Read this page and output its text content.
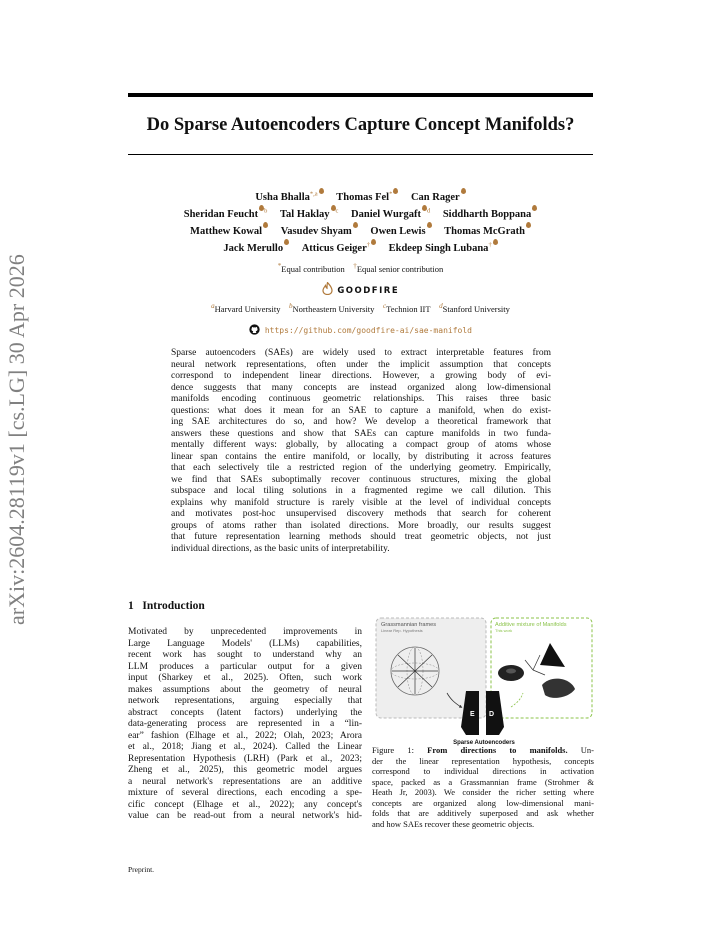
arXiv:2604.28119v1 [cs.LG] 30 Apr 2026
Do Sparse Autoencoders Capture Concept Manifolds?
Usha Bhalla$^{*,a}$ Thomas Fel* Can Rager
Sheridan Feucht $^b$ Tal Haklay $^c$ Daniel Wurgaft $^d$ Siddharth Boppana
Matthew Kowal Vasudev Shyam Owen Lewis Thomas McGrath
Jack Merullo Atticus Geiger† Ekdeep Singh Lubana†
*Equal contribution †Equal senior contribution
GOODFIRE
$^a$Harvard University $^b$Northeastern University $^c$Technion IIT $^d$Stanford University
https://github.com/goodfire-ai/sae-manifold
Sparse autoencoders (SAEs) are widely used to extract interpretable features from
neural network representations, often under the implicit assumption that concepts
correspond to independent linear directions. However, a growing body of evi-
dence suggests that many concepts are instead organized along low-dimensional
manifolds encoding continuous geometric relationships. This raises three basic
questions: what does it mean for an SAE to capture a manifold, when do exist-
ing SAE architectures do so, and how? We develop a theoretical framework that
answers these questions and show that SAEs can capture manifolds in two funda-
mentally different ways: globally, by allocating a compact group of atoms whose
linear span contains the entire manifold, or locally, by distributing it across features
that each selectively tile a restricted region of the underlying geometry. Empirically,
we find that SAEs suboptimally recover continuous structures, mixing the global
subspace and local tiling solutions in a fragmented regime we call dilution. This
explains why manifold structure is rarely visible at the level of individual concepts
and motivates post-hoc unsupervised discovery methods that search for coherent
groups of atoms rather than isolated directions. More broadly, our results suggest
that future representation learning methods should treat geometric objects, not just
individual directions, as the basic units of interpretability.
1 Introduction
Motivated by unprecedented improvements in
Large Language Models' (LLMs) capabilities,
recent work has sought to understand why an
LLM produces a particular output for a given
input (Sharkey et al., 2025). Often, such work
makes assumptions about the geometry of neural
network representations, arguing especially that
abstract concepts (latent factors) underlying the
data-generating process are represented in a “lin-
ear” fashion (Elhage et al., 2022; Olah, 2023; Arora
et al., 2018; Jiang et al., 2024). Called the Linear
Representation Hypothesis (LRH) (Park et al., 2023;
Zheng et al., 2025), this geometric model argues
a neural network's representations are an additive
mixture of several directions, each encoding a spe-
cific concept (Elhage et al., 2022); any concept's
value can be read-out from a neural network's hid-
Grassmannian frames
Linear Rep. Hypothesis
Additive mixture of Manifolds
This work
E D
Sparse Autoencoders
Figure 1: From directions to manifolds. Un-
der the linear representation hypothesis, concepts
correspond to individual directions in activation
space, packed as a Grassmannian frame (Strohmer &
Heath Jr, 2003). We consider the richer setting where
concepts are organized along low-dimensional mani-
folds that are additively superposed and ask whether
and how SAEs recover these geometric objects.
Preprint.
